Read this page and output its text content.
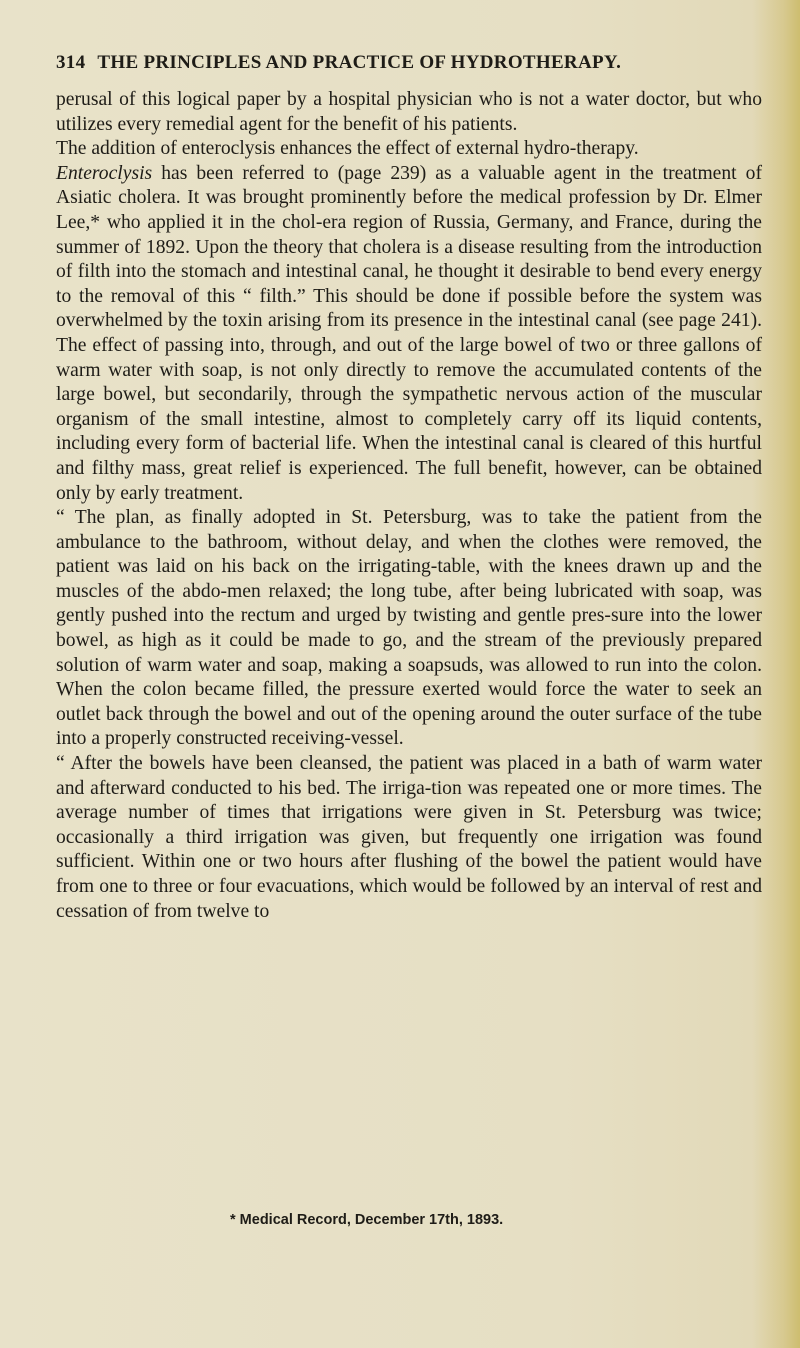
314 THE PRINCIPLES AND PRACTICE OF HYDROTHERAPY.

perusal of this logical paper by a hospital physician who is not a water doctor, but who utilizes every remedial agent for the benefit of his patients.

The addition of enteroclysis enhances the effect of external hydro-therapy.

Enteroclysis has been referred to (page 239) as a valuable agent in the treatment of Asiatic cholera. It was brought prominently before the medical profession by Dr. Elmer Lee,* who applied it in the chol-era region of Russia, Germany, and France, during the summer of 1892. Upon the theory that cholera is a disease resulting from the introduction of filth into the stomach and intestinal canal, he thought it desirable to bend every energy to the removal of this “ filth.” This should be done if possible before the system was overwhelmed by the toxin arising from its presence in the intestinal canal (see page 241). The effect of passing into, through, and out of the large bowel of two or three gallons of warm water with soap, is not only directly to remove the accumulated contents of the large bowel, but secondarily, through the sympathetic nervous action of the muscular organism of the small intestine, almost to completely carry off its liquid contents, including every form of bacterial life. When the intestinal canal is cleared of this hurtful and filthy mass, great relief is experienced. The full benefit, however, can be obtained only by early treatment.

“ The plan, as finally adopted in St. Petersburg, was to take the patient from the ambulance to the bathroom, without delay, and when the clothes were removed, the patient was laid on his back on the irrigating-table, with the knees drawn up and the muscles of the abdo-men relaxed; the long tube, after being lubricated with soap, was gently pushed into the rectum and urged by twisting and gentle pres-sure into the lower bowel, as high as it could be made to go, and the stream of the previously prepared solution of warm water and soap, making a soapsuds, was allowed to run into the colon. When the colon became filled, the pressure exerted would force the water to seek an outlet back through the bowel and out of the opening around the outer surface of the tube into a properly constructed receiving-vessel.

“ After the bowels have been cleansed, the patient was placed in a bath of warm water and afterward conducted to his bed. The irriga-tion was repeated one or more times. The average number of times that irrigations were given in St. Petersburg was twice; occasionally a third irrigation was given, but frequently one irrigation was found sufficient. Within one or two hours after flushing of the bowel the patient would have from one to three or four evacuations, which would be followed by an interval of rest and cessation of from twelve to

* Medical Record, December 17th, 1893.
